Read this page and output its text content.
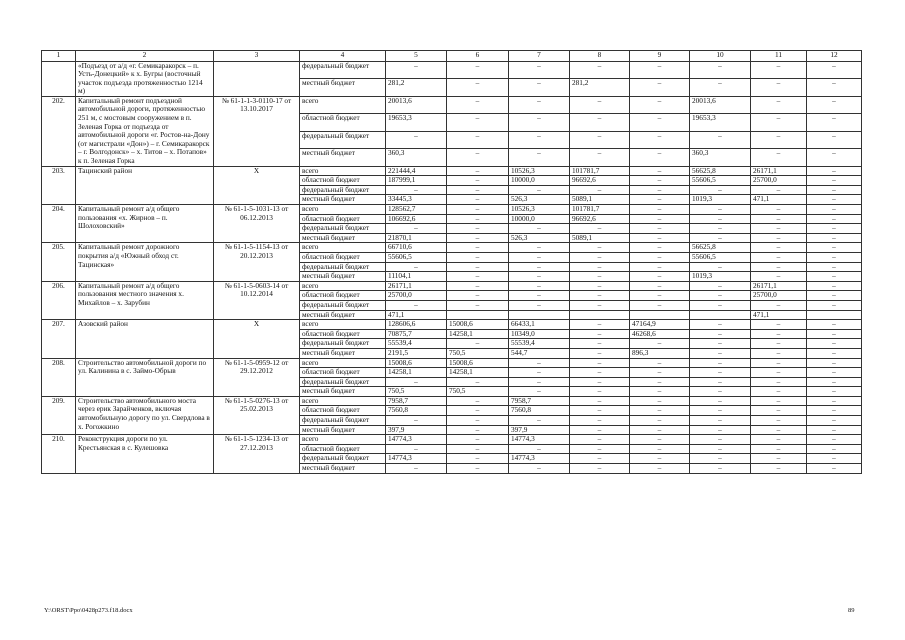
1	2	3	4	5	6	7	8	9	10	11	12
	«Подъезд от а/д «г. Семикаракорск – п. Усть-Донецкий» к х. Бугры (восточный участок подъезда протяженностью 1214 м)		федеральный бюджет	–	–	–	–	–	–	–	–
			местный бюджет	281,2	–	–	281,2	–	–	–	–
202.	Капитальный ремонт подъездной автомобильной дороги, протяженностью 251 м, с мостовым сооружением в п. Зеленая Горка от подъезда от автомобильной дороги «г. Ростов-на-Дону (от магистрали «Дон») – г. Семикаракорск – г. Волгодонск» – х. Титов – х. Потапов» к п. Зеленая Горка	№ 61-1-1-3-0110-17 от 13.10.2017	всего	20013,6	–	–	–	–	20013,6	–	–
			областной бюджет	19653,3	–	–	–	–	19653,3	–	–
			федеральный бюджет	–	–	–	–	–	–	–	–
			местный бюджет	360,3	–	–	–	–	360,3	–	–
203.	Тацинский район	Х	всего	221444,4	–	10526,3	101781,7	–	56625,8	26171,1	–
			областной бюджет	187999,1	–	10000,0	96692,6	–	55606,5	25700,0	–
			федеральный бюджет	–	–	–	–	–	–	–	–
			местный бюджет	33445,3	–	526,3	5089,1	–	1019,3	471,1	–
204.	Капитальный ремонт а/д общего пользования «х. Жирнов – п. Шолоховский»	№ 61-1-5-1031-13 от 06.12.2013	всего	128562,7	–	10526,3	101781,7	–	–	–	–
			областной бюджет	106692,6	–	10000,0	96692,6	–	–	–	–
			федеральный бюджет	–	–	–	–	–	–	–	–
			местный бюджет	21870,1	–	526,3	5089,1	–	–	–	–
205.	Капитальный ремонт дорожного покрытия а/д «Южный обход ст. Тацинская»	№ 61-1-5-1154-13 от 20.12.2013	всего	66710,6	–	–	–	–	56625,8	–	–
			областной бюджет	55606,5	–	–	–	–	55606,5	–	–
			федеральный бюджет	–	–	–	–	–	–	–	–
			местный бюджет	11104,1	–	–	–	–	1019,3	–	–
206.	Капитальный ремонт а/д общего пользования местного значения х. Михайлов – х. Зарубин	№ 61-1-5-0603-14 от 10.12.2014	всего	26171,1	–	–	–	–	–	26171,1	–
			областной бюджет	25700,0	–	–	–	–	–	25700,0	–
			федеральный бюджет	–	–	–	–	–	–	–	–
			местный бюджет	471,1						471,1	
207.	Азовский район	Х	всего	128606,6	15008,6	66433,1	–	47164,9	–	–	–
			областной бюджет	70875,7	14258,1	10349,0	–	46268,6	–	–	–
			федеральный бюджет	55539,4	–	55539,4	–	–	–	–	–
			местный бюджет	2191,5	750,5	544,7	–	896,3	–	–	–
208.	Строительство автомобильной дороги по ул. Калинина в с. Займо-Обрыв	№ 61-1-5-0959-12 от 29.12.2012	всего	15008,6	15008,6	–	–	–	–	–	–
			областной бюджет	14258,1	14258,1	–	–	–	–	–	–
			федеральный бюджет	–	–	–	–	–	–	–	–
			местный бюджет	750,5	750,5	–	–	–	–	–	–
209.	Строительство автомобильного моста через ерик Зарайченков, включая автомобильную дорогу по ул. Свердлова в х. Рогожкино	№ 61-1-5-0276-13 от 25.02.2013	всего	7958,7	–	7958,7	–	–	–	–	–
			областной бюджет	7560,8	–	7560,8	–	–	–	–	–
			федеральный бюджет	–	–	–	–	–	–	–	–
			местный бюджет	397,9	–	397,9	–	–	–	–	–
210.	Реконструкция дороги по ул. Крестьянская в с. Кулешовка	№ 61-1-5-1234-13 от 27.12.2013	всего	14774,3	–	14774,3	–	–	–	–	–
			областной бюджет	–	–	–	–	–	–	–	–
			федеральный бюджет	14774,3	–	14774,3	–	–	–	–	–
			местный бюджет	–	–	–	–	–	–	–	–
Y:\ORST\Ppo\0428p273.f18.docx	89
